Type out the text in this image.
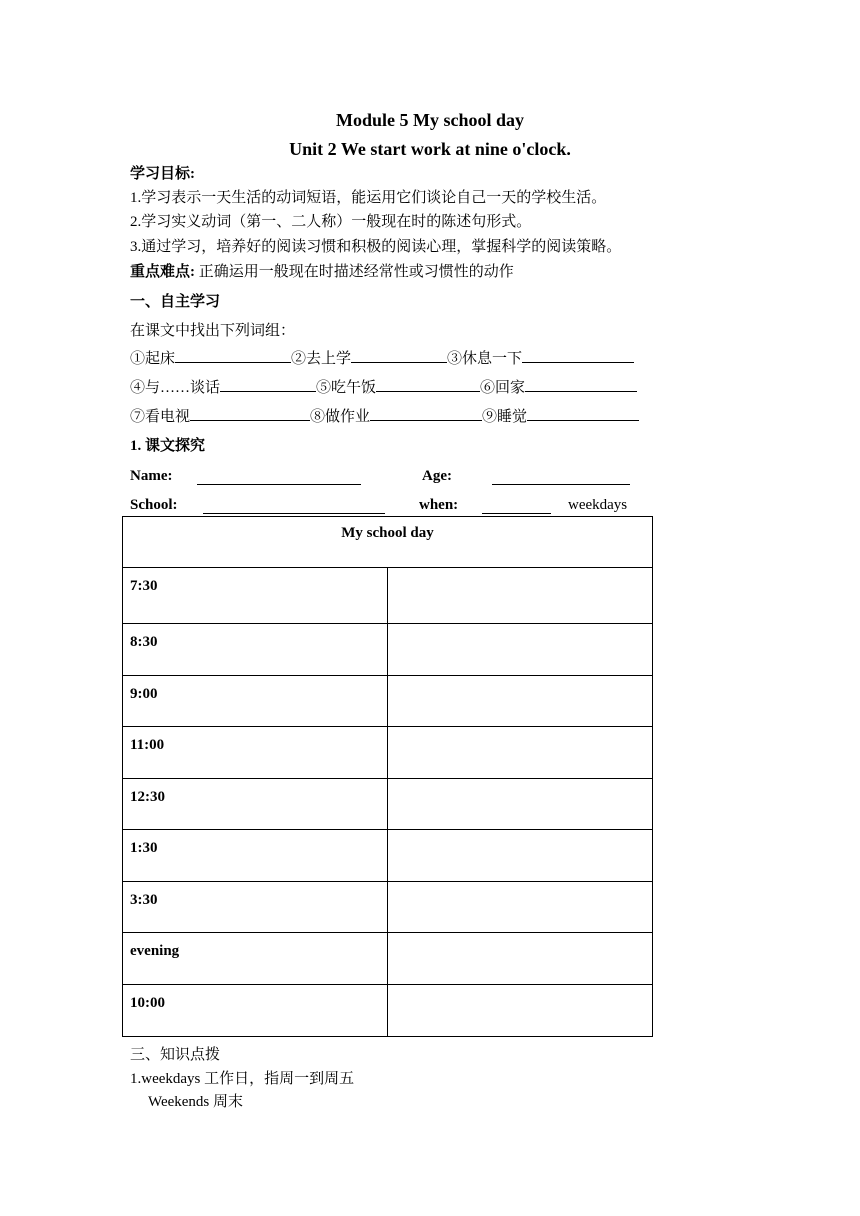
Module 5 My school day
Unit 2 We start work at nine o'clock.
学习目标:
1.学习表示一天生活的动词短语，能运用它们谈论自己一天的学校生活。
2.学习实义动词（第一、二人称）一般现在时的陈述句形式。
3.通过学习，培养好的阅读习惯和积极的阅读心理，掌握科学的阅读策略。
重点难点: 正确运用一般现在时描述经常性或习惯性的动作
一、自主学习
在课文中找出下列词组：
①起床	②去上学	③休息一下
④与……谈话	⑤吃午饭	⑥回家
⑦看电视	⑧做作业	⑨睡觉
1. 课文探究
Name:	Age:
School:	when:	weekdays
My school day	
7:30	
8:30	
9:00	
11:00	
12:30	
1:30	
3:30	
evening	
10:00	
三、知识点拨
1.weekdays 工作日，指周一到周五
Weekends 周末
